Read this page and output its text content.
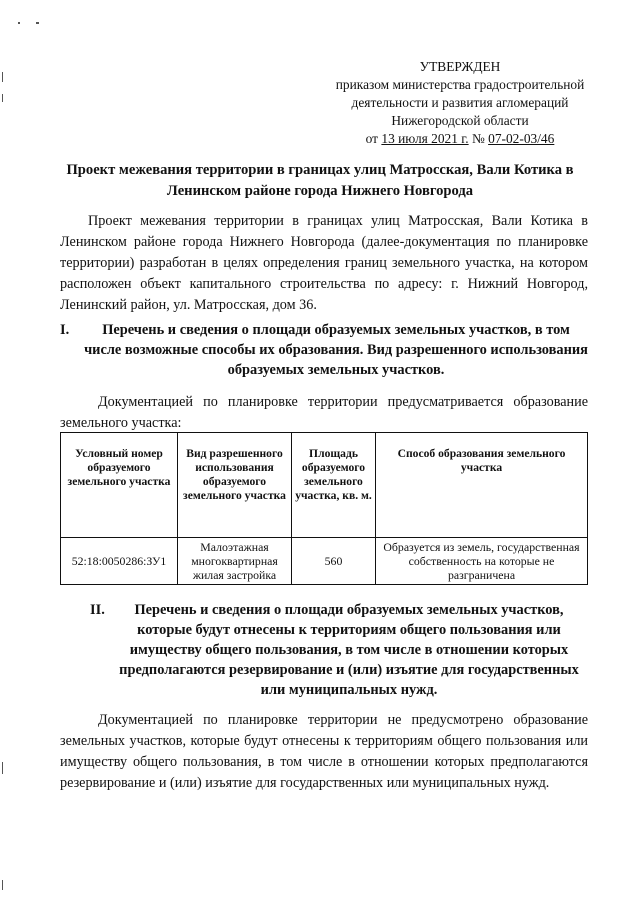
УТВЕРЖДЕН
приказом министерства градостроительной
деятельности и развития агломераций
Нижегородской области
от 13 июля 2021 г. № 07-02-03/46
Проект межевания территории в границах улиц Матросская, Вали Котика в Ленинском районе города Нижнего Новгорода
Проект межевания территории в границах улиц Матросская, Вали Котика в Ленинском районе города Нижнего Новгорода (далее-документация по планировке территории) разработан в целях определения границ земельного участка, на котором расположен объект капитального строительства по адресу: г. Нижний Новгород, Ленинский район, ул. Матросская, дом 36.
I.	Перечень и сведения о площади образуемых земельных участков, в том числе возможные способы их образования. Вид разрешенного использования образуемых земельных участков.
Документацией по планировке территории предусматривается образование земельного участка:
Условный номер образуемого земельного участка	Вид разрешенного использования образуемого земельного участка	Площадь образуемого земельного участка, кв. м.	Способ образования земельного участка
52:18:0050286:ЗУ1	Малоэтажная многоквартирная жилая застройка	560	Образуется из земель, государственная собственность на которые не разграничена
II.	Перечень и сведения о площади образуемых земельных участков, которые будут отнесены к территориям общего пользования или имуществу общего пользования, в том числе в отношении которых предполагаются резервирование и (или) изъятие для государственных или муниципальных нужд.
Документацией по планировке территории не предусмотрено образование земельных участков, которые будут отнесены к территориям общего пользования или имуществу общего пользования, в том числе в отношении которых предполагаются резервирование и (или) изъятие для государственных или муниципальных нужд.
